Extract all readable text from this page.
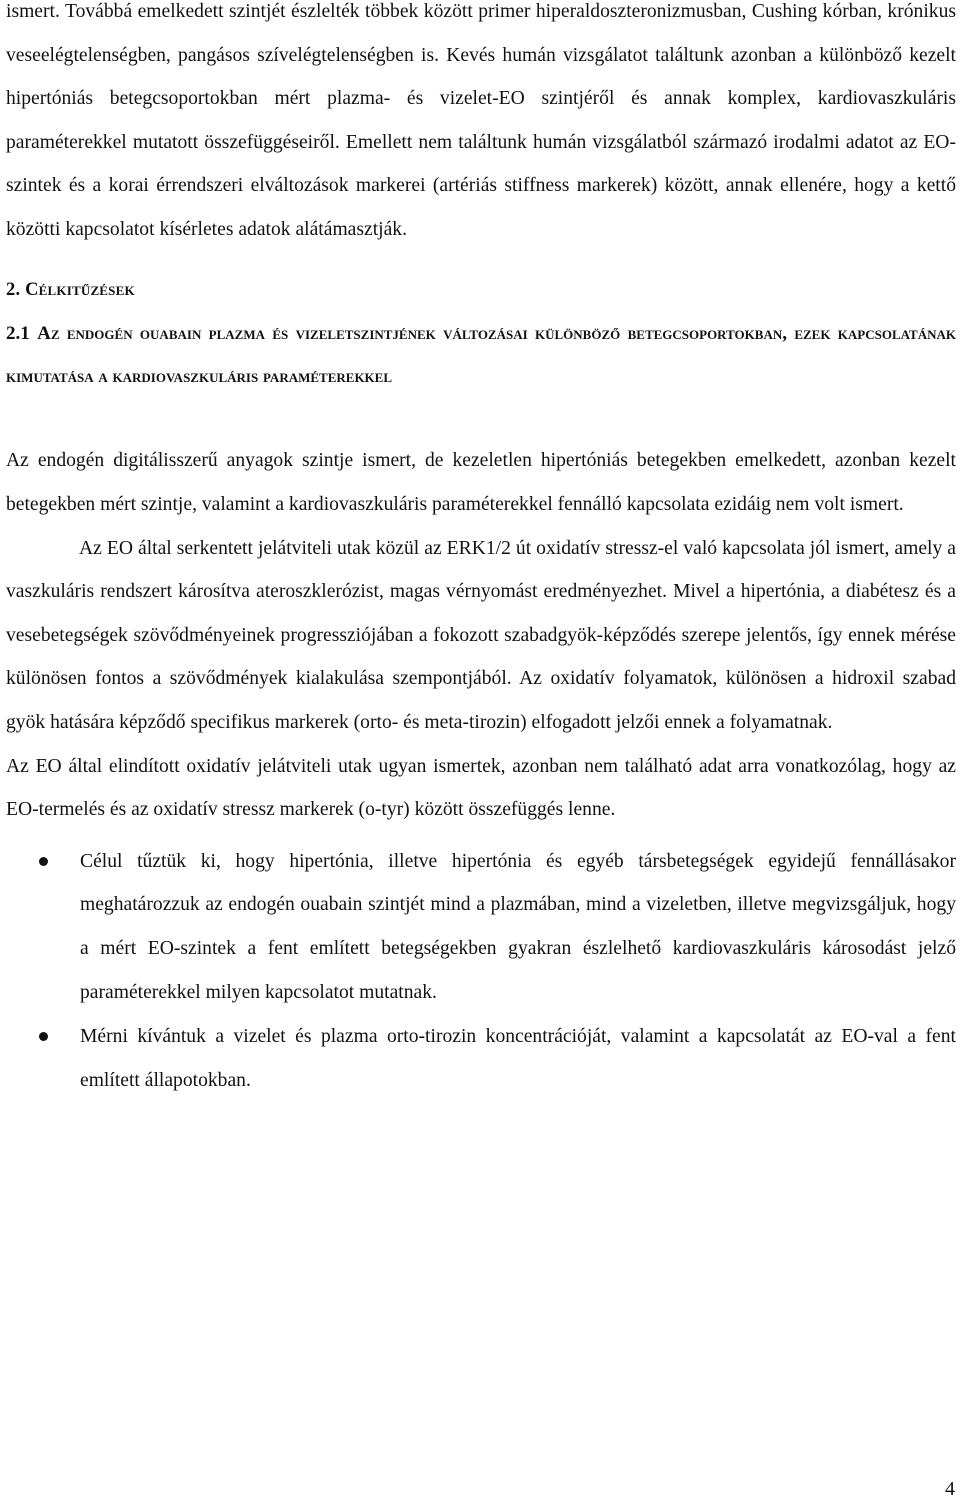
ismert. Továbbá emelkedett szintjét észlelték többek között primer hiperaldoszteronizmusban, Cushing kórban, krónikus veseelégtelenségben, pangásos szívelégtelenségben is. Kevés humán vizsgálatot találtunk azonban a különböző kezelt hipertóniás betegcsoportokban mért plazma- és vizelet-EO szintjéről és annak komplex, kardiovaszkuláris paraméterekkel mutatott összefüggéseiről. Emellett nem találtunk humán vizsgálatból származó irodalmi adatot az EO-szintek és a korai érrendszeri elváltozások markerei (artériás stiffness markerek) között, annak ellenére, hogy a kettő közötti kapcsolatot kísérletes adatok alátámasztják.

2. Célkitűzések
2.1 Az endogén ouabain plazma és vizeletszintjének változásai különböző betegcsoportokban, ezek kapcsolatának kimutatása a kardiovaszkuláris paraméterekkel

Az endogén digitálisszerű anyagok szintje ismert, de kezeletlen hipertóniás betegekben emelkedett, azonban kezelt betegekben mért szintje, valamint a kardiovaszkuláris paraméterekkel fennálló kapcsolata ezidáig nem volt ismert.

Az EO által serkentett jelátviteli utak közül az ERK1/2 út oxidatív stressz-el való kapcsolata jól ismert, amely a vaszkuláris rendszert károsítva ateroszklerózist, magas vérnyomást eredményezhet. Mivel a hipertónia, a diabétesz és a vesebetegségek szövődményeinek progressziójában a fokozott szabadgyök-képződés szerepe jelentős, így ennek mérése különösen fontos a szövődmények kialakulása szempontjából. Az oxidatív folyamatok, különösen a hidroxil szabad gyök hatására képződő specifikus markerek (orto- és meta-tirozin) elfogadott jelzői ennek a folyamatnak.

Az EO által elindított oxidatív jelátviteli utak ugyan ismertek, azonban nem található adat arra vonatkozólag, hogy az EO-termelés és az oxidatív stressz markerek (o-tyr) között összefüggés lenne.

Célul tűztük ki, hogy hipertónia, illetve hipertónia és egyéb társbetegségek egyidejű fennállásakor meghatározzuk az endogén ouabain szintjét mind a plazmában, mind a vizeletben, illetve megvizsgáljuk, hogy a mért EO-szintek a fent említett betegségekben gyakran észlelhető kardiovaszkuláris károsodást jelző paraméterekkel milyen kapcsolatot mutatnak.
Mérni kívántuk a vizelet és plazma orto-tirozin koncentrációját, valamint a kapcsolatát az EO-val a fent említett állapotokban.
4
